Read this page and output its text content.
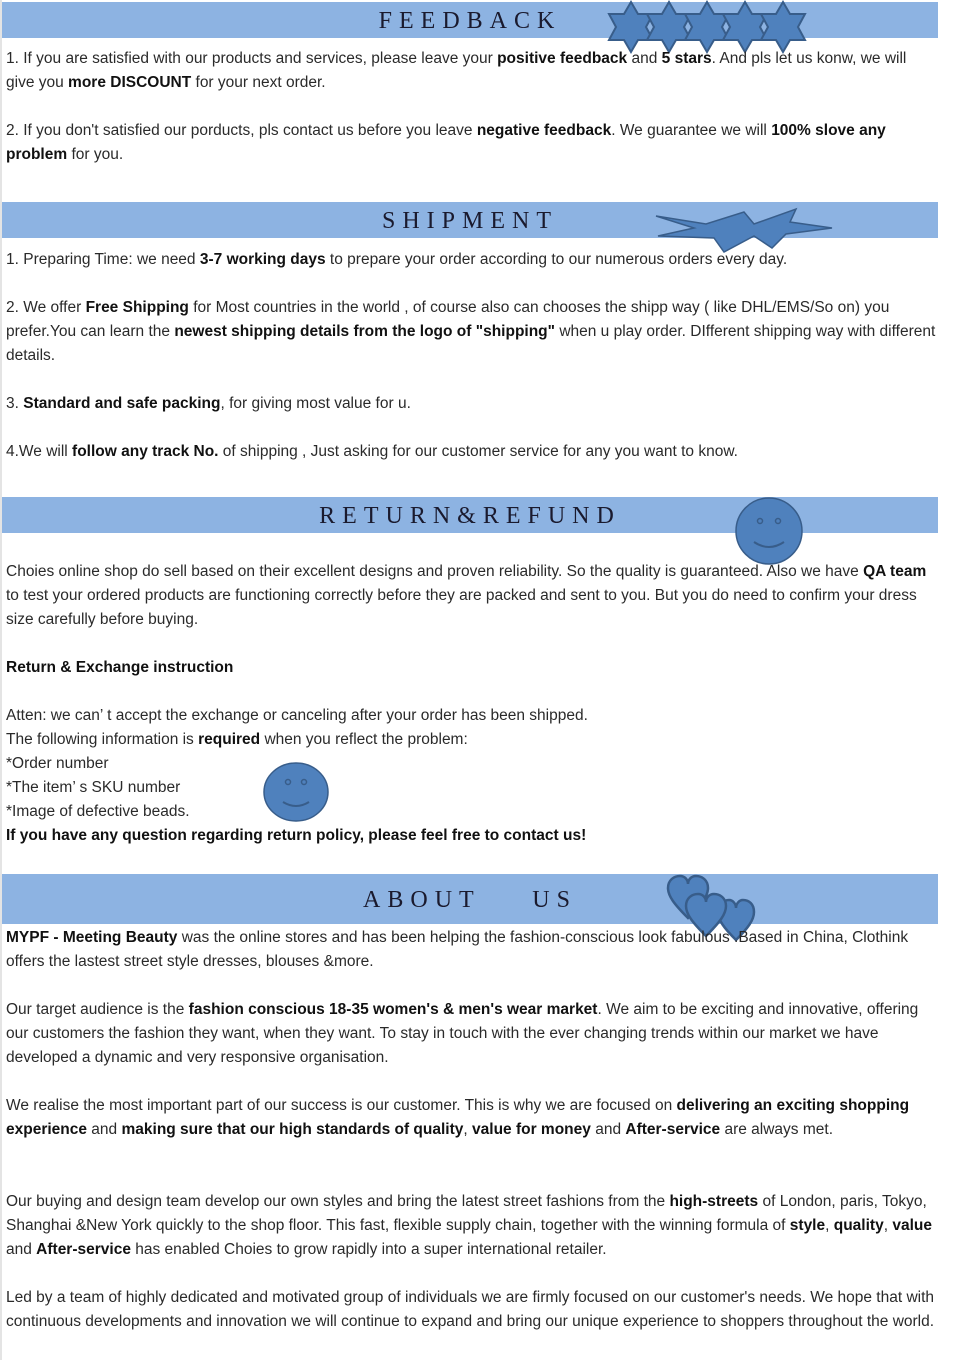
FEEDBACK

1. If you are satisfied with our products and services, please leave your positive feedback and 5 stars. And pls let us konw, we will give you more DISCOUNT for your next order.

2. If you don't satisfied our porducts, pls contact us before you leave negative feedback. We guarantee we will 100% slove any problem for you.

SHIPMENT

1. Preparing Time: we need 3-7 working days to prepare your order according to our numerous orders every day.

2. We offer Free Shipping for Most countries in the world , of course also can chooses the shipp way ( like DHL/EMS/So on) you prefer.You can learn the newest shipping details from the logo of "shipping" when u play order. DIfferent shipping way with different details.

3. Standard and safe packing, for giving most value for u.

4.We will follow any track No. of shipping , Just asking for our customer service for any you want to know.

RETURN&REFUND

Choies online shop do sell based on their excellent designs and proven reliability. So the quality is guaranteed. Also we have QA team to test your ordered products are functioning correctly before they are packed and sent to you. But you do need to confirm your dress size carefully before buying.

Return & Exchange instruction

Atten: we can’ t accept the exchange or canceling after your order has been shipped.

The following information is required when you reflect the problem:

*Order number

*The item’ s SKU number

*Image of defective beads.

If you have any question regarding return policy, please feel free to contact us!

ABOUT    US

MYPF - Meeting Beauty was the online stores and has been helping the fashion-conscious look fabulous .Based in China, Clothink offers the lastest street style dresses, blouses &more.

Our target audience is the fashion conscious 18-35 women's & men's wear market. We aim to be exciting and innovative, offering our customers the fashion they want, when they want. To stay in touch with the ever changing trends within our market we have developed a dynamic and very responsive organisation.

We realise the most important part of our success is our customer. This is why we are focused on delivering an exciting shopping experience and making sure that our high standards of quality, value for money and After-service are always met.

Our buying and design team develop our own styles and bring the latest street fashions from the high-streets of London, paris, Tokyo, Shanghai &New York quickly to the shop floor. This fast, flexible supply chain, together with the winning formula of style, quality, value and After-service has enabled Choies to grow rapidly into a super international retailer.

Led by a team of highly dedicated and motivated group of individuals we are firmly focused on our customer's needs. We hope that with continuous developments and innovation we will continue to expand and bring our unique experience to shoppers throughout the world.
